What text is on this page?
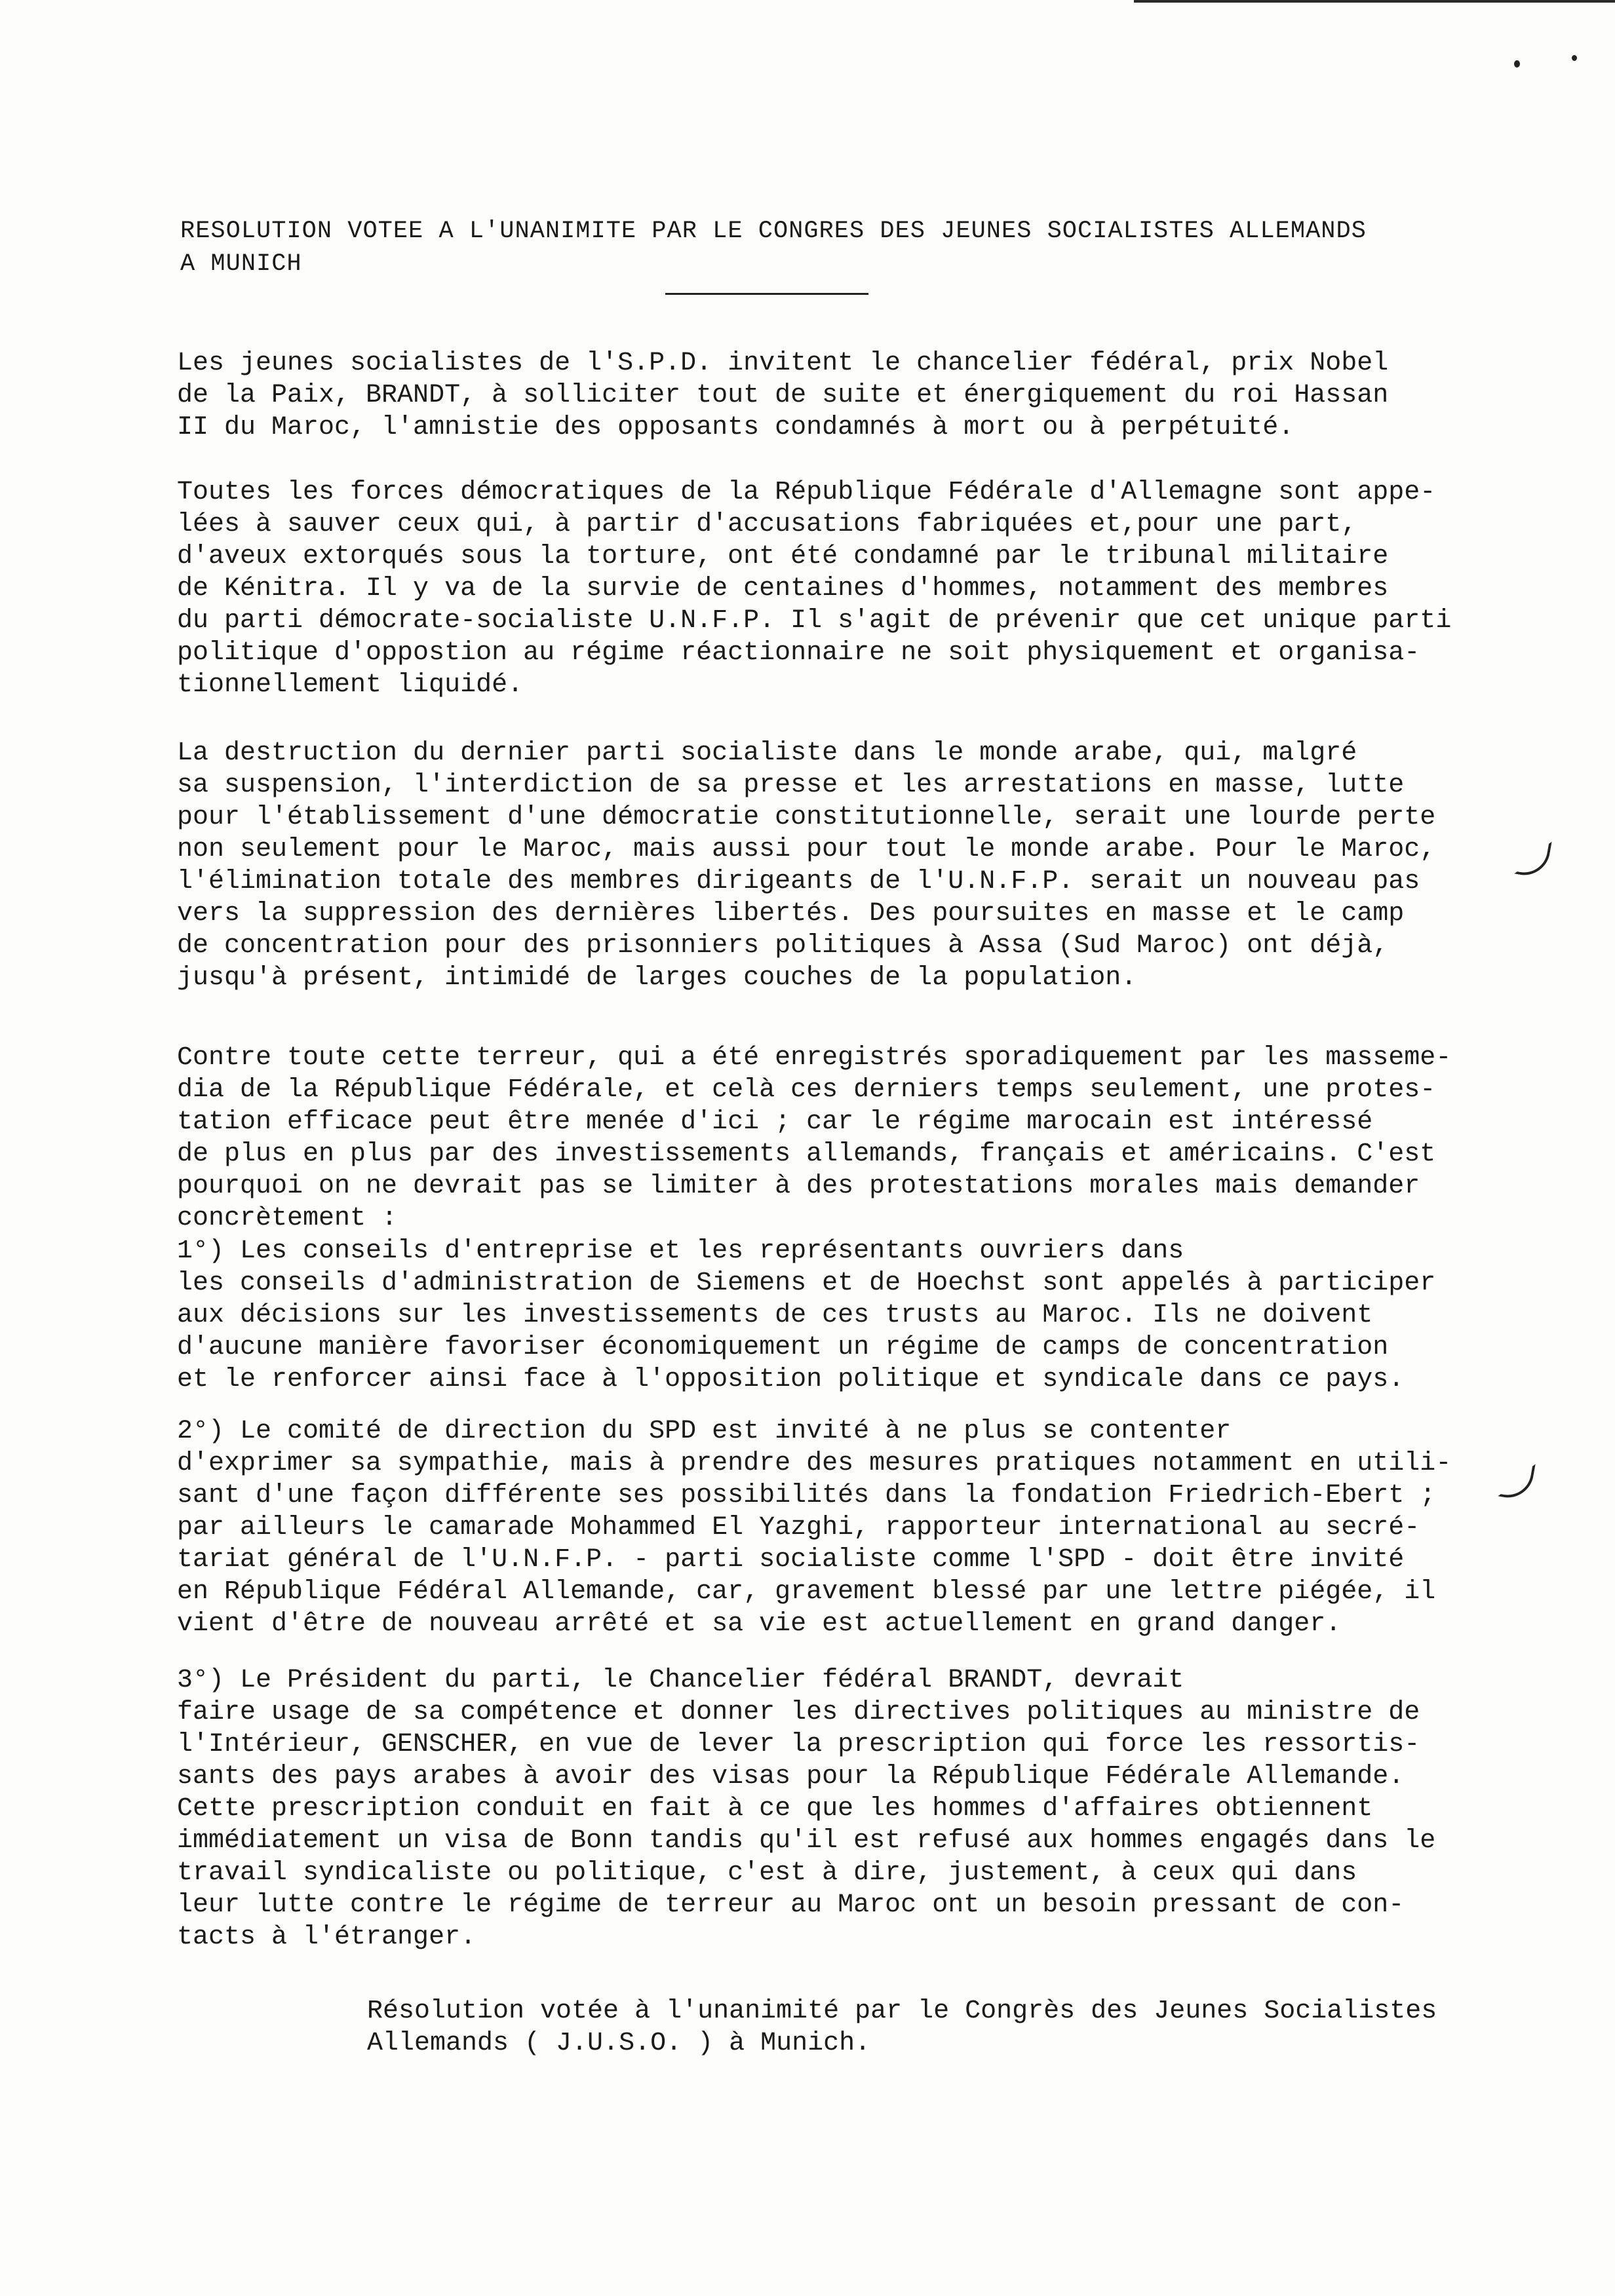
RESOLUTION VOTEE A L'UNANIMITE PAR LE CONGRES DES JEUNES SOCIALISTES ALLEMANDS
A MUNICH
Les jeunes socialistes de l'S.P.D. invitent le chancelier fédéral, prix Nobel
de la Paix, BRANDT, à solliciter tout de suite et énergiquement du roi Hassan
II du Maroc, l'amnistie des opposants condamnés à mort ou à perpétuité.
Toutes les forces démocratiques de la République Fédérale d'Allemagne sont appe-
lées à sauver ceux qui, à partir d'accusations fabriquées et,pour une part,
d'aveux extorqués sous la torture, ont été condamné par le tribunal militaire
de Kénitra. Il y va de la survie de centaines d'hommes, notamment des membres
du parti démocrate-socialiste U.N.F.P. Il s'agit de prévenir que cet unique parti
politique d'oppostion au régime réactionnaire ne soit physiquement et organisa-
tionnellement liquidé.
La destruction du dernier parti socialiste dans le monde arabe, qui, malgré
sa suspension, l'interdiction de sa presse et les arrestations en masse, lutte
pour l'établissement d'une démocratie constitutionnelle, serait une lourde perte
non seulement pour le Maroc, mais aussi pour tout le monde arabe. Pour le Maroc,
l'élimination totale des membres dirigeants de l'U.N.F.P. serait un nouveau pas
vers la suppression des dernières libertés. Des poursuites en masse et le camp
de concentration pour des prisonniers politiques à Assa (Sud Maroc) ont déjà,
jusqu'à présent, intimidé de larges couches de la population.
Contre toute cette terreur, qui a été enregistrés sporadiquement par les masseme-
dia de la République Fédérale, et celà ces derniers temps seulement, une protes-
tation efficace peut être menée d'ici ; car le régime marocain est intéressé
de plus en plus par des investissements allemands, français et américains. C'est
pourquoi on ne devrait pas se limiter à des protestations morales mais demander
concrètement :
1°) Les conseils d'entreprise et les représentants ouvriers dans
les conseils d'administration de Siemens et de Hoechst sont appelés à participer
aux décisions sur les investissements de ces trusts au Maroc. Ils ne doivent
d'aucune manière favoriser économiquement un régime de camps de concentration
et le renforcer ainsi face à l'opposition politique et syndicale dans ce pays.
2°) Le comité de direction du SPD est invité à ne plus se contenter
d'exprimer sa sympathie, mais à prendre des mesures pratiques notamment en utili-
sant d'une façon différente ses possibilités dans la fondation Friedrich-Ebert ;
par ailleurs le camarade Mohammed El Yazghi, rapporteur international au secré-
tariat général de l'U.N.F.P. - parti socialiste comme l'SPD - doit être invité
en République Fédéral Allemande, car, gravement blessé par une lettre piégée, il
vient d'être de nouveau arrêté et sa vie est actuellement en grand danger.
3°) Le Président du parti, le Chancelier fédéral BRANDT, devrait
faire usage de sa compétence et donner les directives politiques au ministre de
l'Intérieur, GENSCHER, en vue de lever la prescription qui force les ressortis-
sants des pays arabes à avoir des visas pour la République Fédérale Allemande.
Cette prescription conduit en fait à ce que les hommes d'affaires obtiennent
immédiatement un visa de Bonn tandis qu'il est refusé aux hommes engagés dans le
travail syndicaliste ou politique, c'est à dire, justement, à ceux qui dans
leur lutte contre le régime de terreur au Maroc ont un besoin pressant de con-
tacts à l'étranger.
Résolution votée à l'unanimité par le Congrès des Jeunes Socialistes
Allemands ( J.U.S.O. ) à Munich.
